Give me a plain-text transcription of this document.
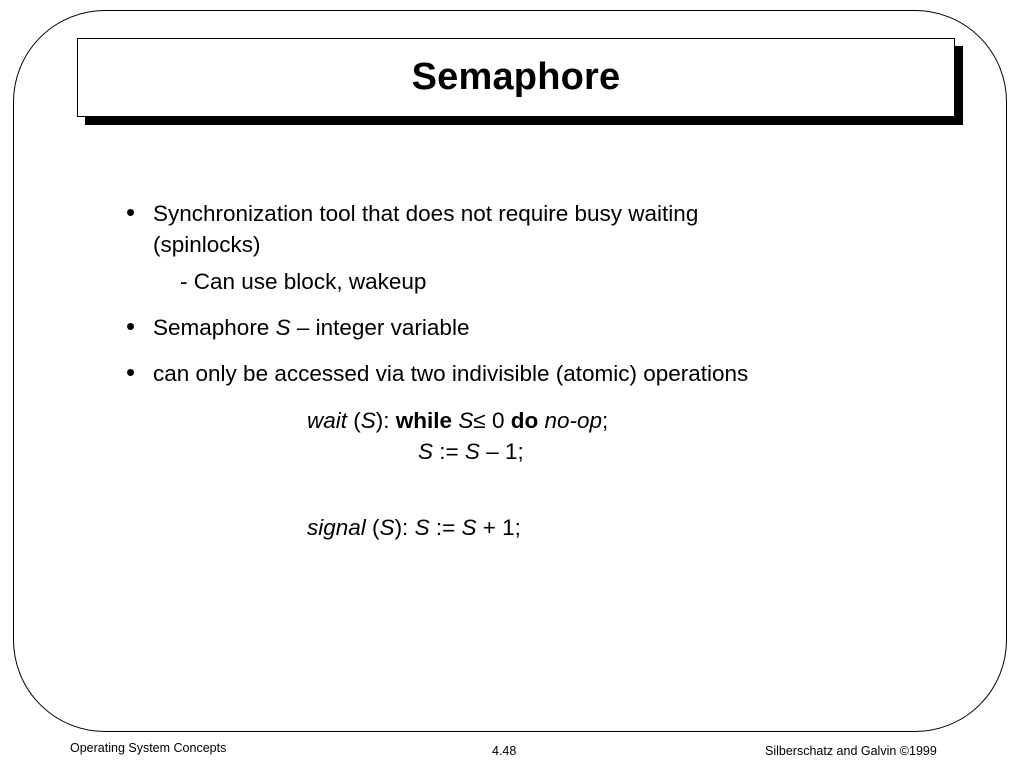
Semaphore
• Synchronization tool that does not require busy waiting
(spinlocks)
- Can use block, wakeup
• Semaphore S – integer variable
• can only be accessed via two indivisible (atomic) operations
wait (S): while S≤ 0 do no-op;
S := S – 1;
signal (S): S := S + 1;
Operating System Concepts	4.48	Silberschatz and Galvin ©1999
